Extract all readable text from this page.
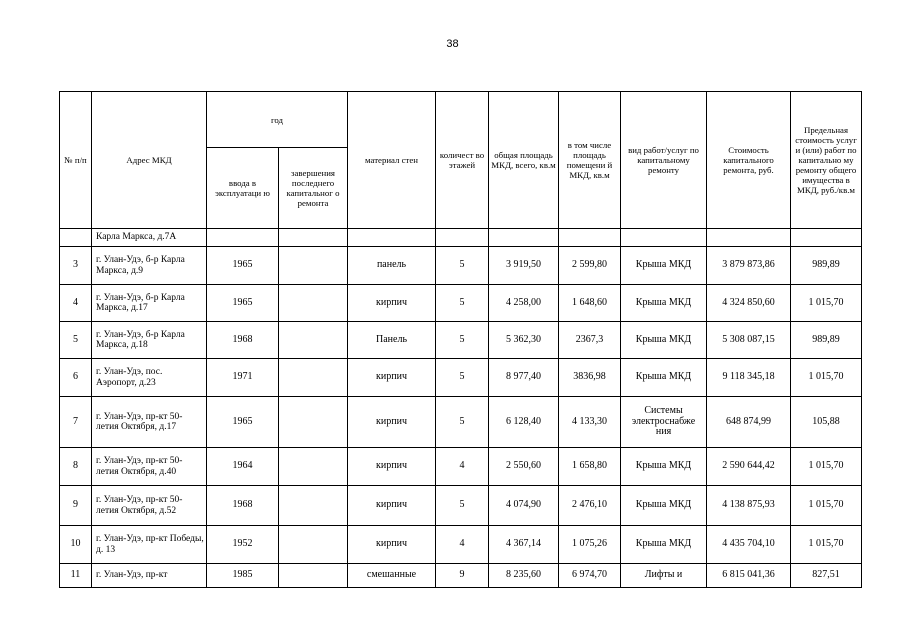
38
№ п/п	Адрес МКД	год		материал стен	количест во этажей	общая площадь МКД, всего, кв.м	в том числе площадь помещени й МКД, кв.м	вид работ/услуг по капитальному ремонту	Стоимость капитального ремонта, руб.	Предельная стоимость услуг и (или) работ по капитально му ремонту общего имущества в МКД, руб./кв.м
		ввода в эксплуатаци ю	завершения последнего капитальног о ремонта							
	Карла Маркса, д.7А									
3	г. Улан-Удэ, б-р Карла Маркса, д.9	1965		панель	5	3 919,50	2 599,80	Крыша МКД	3 879 873,86	989,89
4	г. Улан-Удэ, б-р Карла Маркса, д.17	1965		кирпич	5	4 258,00	1 648,60	Крыша МКД	4 324 850,60	1 015,70
5	г. Улан-Удэ, б-р Карла Маркса, д.18	1968		Панель	5	5 362,30	2367,3	Крыша МКД	5 308 087,15	989,89
6	г. Улан-Удэ, пос. Аэропорт, д.23	1971		кирпич	5	8 977,40	3836,98	Крыша МКД	9 118 345,18	1 015,70
7	г. Улан-Удэ, пр-кт 50-летия Октября, д.17	1965		кирпич	5	6 128,40	4 133,30	Системы электроснабже ния	648 874,99	105,88
8	г. Улан-Удэ, пр-кт 50-летия Октября, д.40	1964		кирпич	4	2 550,60	1 658,80	Крыша МКД	2 590 644,42	1 015,70
9	г. Улан-Удэ, пр-кт 50-летия Октября, д.52	1968		кирпич	5	4 074,90	2 476,10	Крыша МКД	4 138 875,93	1 015,70
10	г. Улан-Удэ, пр-кт Победы, д. 13	1952		кирпич	4	4 367,14	1 075,26	Крыша МКД	4 435 704,10	1 015,70
11	г. Улан-Удэ, пр-кт	1985		смешанные	9	8 235,60	6 974,70	Лифты и	6 815 041,36	827,51
